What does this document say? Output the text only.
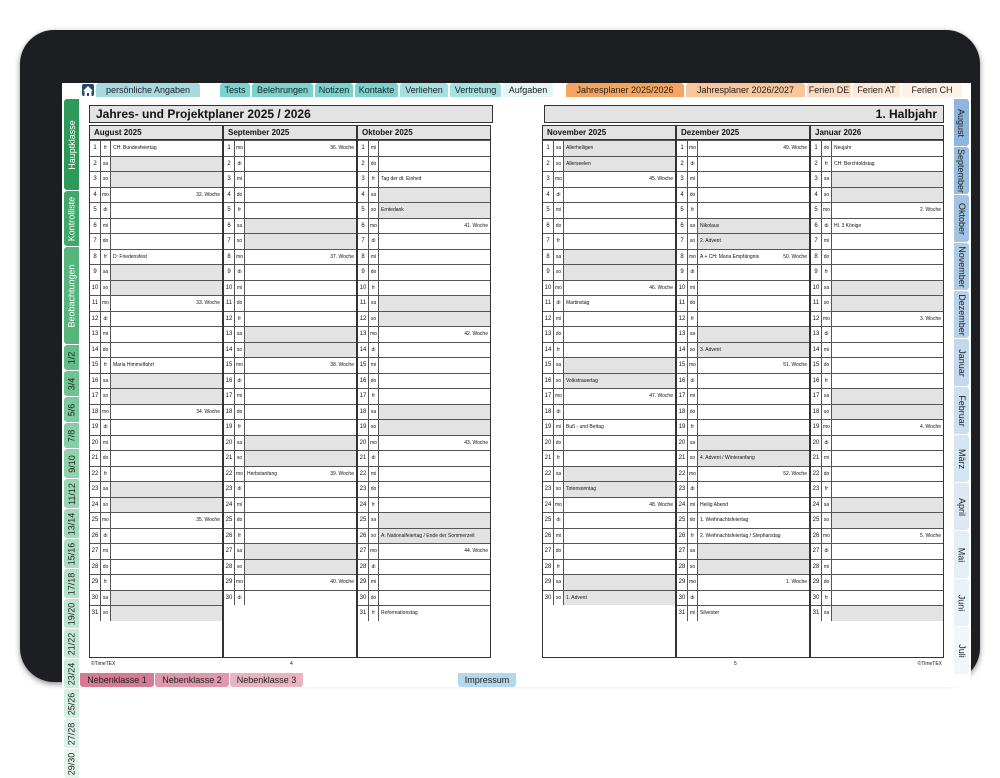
persönliche Angaben	Tests	Belehrungen	Notizen	Kontakte	Verliehen	Vertretung	Aufgaben	Jahresplaner 2025/2026	Jahresplaner 2026/2027	Ferien DE Ferien AT	Ferien CH
Hauptklasse
Kontrolliste
Beobachtungen
1/2
3/4
5/6
7/8
9/10
11/12
13/14
15/16
17/18
19/20
21/22
23/24
25/26
27/28
29/30
August
September
Oktober
November
Dezember
Januar
Februar
März
April
Mai
Juni
Juli
Jahres- und Projektplaner 2025 / 2026
August 2025
1	fr	CH: Bundesfeiertag
2	sa
3	so
4	mo	32. Woche
5	di
6	mi
7	do
8	fr	D: Friedensfest
9	sa
10 so
11 mo	33. Woche
12	di
13 mi
14 do
15	fr	Maria Himmelfahrt
16 sa
17 so
18 mo	34. Woche
19	di
20 mi
21 do
22	fr
23 sa
24 so
25 mo	35. Woche
26	di
27 mi
28 do
29	fr
30 sa
31 so
September 2025
1	mo	36. Woche
2	di
3	mi
4	do
5	fr
6	sa
7	so
8	mo	37. Woche
9	di
10 mi
11 do
12	fr
13 sa
14 so
15 mo	38. Woche
16	di
17 mi
18 do
19	fr
20 sa
21 so
22 mo Herbstanfang	39. Woche
23	di
24 mi
25 do
26	fr
27 sa
28 so
29 mo	40. Woche
30	di
Oktober 2025
1	mi
2	do
3	fr	Tag der dt. Einheit
4	sa
5	so Erntedank
6	mo	41. Woche
7	di
8	mi
9	do
10	fr
11 sa
12 so
13 mo	42. Woche
14	di
15 mi
16 do
17	fr
18 sa
19 so
20 mo	43. Woche
21	di
22 mi
23 do
24	fr
25 sa
26 so A: Nationalfeiertag / Ende der Sommerzeit
27 mo	44. Woche
28	di
29 mi
30 do
31	fr	Reformationstag
©TimeTEX	4
1. Halbjahr
November 2025
1	sa Allerheiligen
2	so Allerseelen
3	mo	45. Woche
4	di
5	mi
6	do
7	fr
8	sa
9	so
10 mo	46. Woche
11	di	Martinstag
12 mi
13 do
14	fr
15 sa
16 so Volkstrauertag
17 mo	47. Woche
18	di
19 mi Buß - und Bettag
20 do
21	fr
22 sa
23 so Totensonntag
24 mo	48. Woche
25	di
26 mi
27 do
28	fr
29 sa
30 so 1. Advent
Dezember 2025
1	mo	49. Woche
2	di
3	mi
4	do
5	fr
6	sa Nikolaus
7	so 2. Advent
8	mo A + CH: Maria Empfängnis	50. Woche
9	di
10 mi
11 do
12	fr
13 sa
14 so 3. Advent
15 mo	51. Woche
16	di
17 mi
18 do
19	fr
20 sa
21 so 4. Advent / Winteranfang
22 mo	52. Woche
23	di
24 mi Heilig Abend
25 do 1. Weihnachtsfeiertag
26	fr	2. Weihnachtsfeiertag / Stephanstag
27 sa
28 so
29 mo	1. Woche
30	di
31 mi Silvester
Januar 2026
1	do Neujahr
2	fr	CH: Berchtoldstag
3	sa
4	so
5	mo	2. Woche
6	di	Hl. 3 Könige
7	mi
8	do
9	fr
10 sa
11 so
12 mo	3. Woche
13	di
14 mi
15 do
16	fr
17 sa
18 so
19 mo	4. Woche
20	di
21 mi
22 do
23	fr
24 sa
25 so
26 mo	5. Woche
27	di
28 mi
29 do
30	fr
31 sa
5	©TimeTEX
Nebenklasse 1	Nebenklasse 2	Nebenklasse 3	Impressum
